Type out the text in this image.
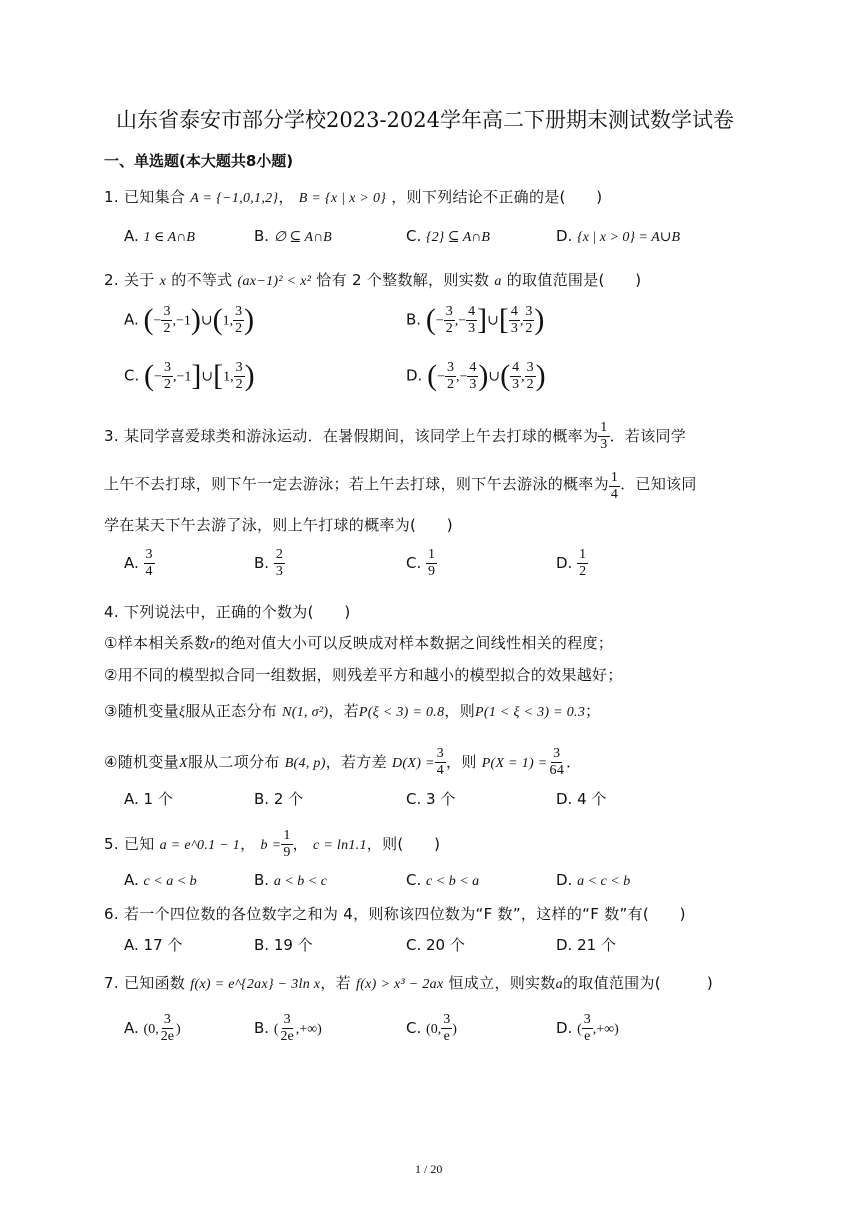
山东省泰安市部分学校2023-2024学年高二下册期末测试数学试卷
一、单选题(本大题共8小题)
1. 已知集合 A = {−1,0,1,2}， B = {x | x > 0} ，则下列结论不正确的是(　　)
A. 1 ∈ A∩B	B. ∅ ⊆ A∩B	C. {2} ⊆ A∩B	D. {x | x > 0} = A∪B
2. 关于 x 的不等式 (ax−1)² < x² 恰有 2 个整数解，则实数 a 的取值范围是(　　)
A. (− $\frac{3}{2}$ ,−1)∪(1, $\frac{3}{2}$ )	B. (− $\frac{3}{2}$ ,− $\frac{4}{3}$ ]∪[ $\frac{4}{3}$ , $\frac{3}{2}$ )
C. (− $\frac{3}{2}$ ,−1]∪[1, $\frac{3}{2}$ )	D. (− $\frac{3}{2}$ ,− $\frac{4}{3}$ )∪( $\frac{4}{3}$ , $\frac{3}{2}$ )
3. 某同学喜爱球类和游泳运动．在暑假期间，该同学上午去打球的概率为 $\frac{1}{3}$ ．若该同学
上午不去打球，则下午一定去游泳；若上午去打球，则下午去游泳的概率为 $\frac{1}{4}$ ．已知该同
学在某天下午去游了泳，则上午打球的概率为(　　)
A. $\frac{3}{4}$	B. $\frac{2}{3}$	C. $\frac{1}{9}$	D. $\frac{1}{2}$
4. 下列说法中，正确的个数为(　　)
①样本相关系数r的绝对值大小可以反映成对样本数据之间线性相关的程度；
②用不同的模型拟合同一组数据，则残差平方和越小的模型拟合的效果越好；
③随机变量ξ服从正态分布 N(1, σ²)，若P(ξ < 3) = 0.8，则P(1 < ξ < 3) = 0.3；
④随机变量X服从二项分布 B(4, p)，若方差 $D(X) = \frac{3}{4}$ ，则 $P(X = 1) = \frac{3}{64}$ ．
A. 1 个	B. 2 个	C. 3 个	D. 4 个
5. 已知 a = e^0.1 − 1， $b = \frac{1}{9}$ ， c = ln1.1，则(　　)
A. c < a < b	B. a < b < c	C. c < b < a	D. a < c < b
6. 若一个四位数的各位数字之和为 4，则称该四位数为“F 数”，这样的“F 数”有(　　)
A. 17 个	B. 19 个	C. 20 个	D. 21 个
7. 已知函数 f(x) = e^{2ax} − 3ln x，若 f(x) > x³ − 2ax 恒成立，则实数a的取值范围为(　　　)
A. (0, $\frac{3}{2e}$ )	B. ( $\frac{3}{2e}$ ,+∞)	C. (0, $\frac{3}{e}$ )	D. ( $\frac{3}{e}$ ,+∞)
1 / 20
